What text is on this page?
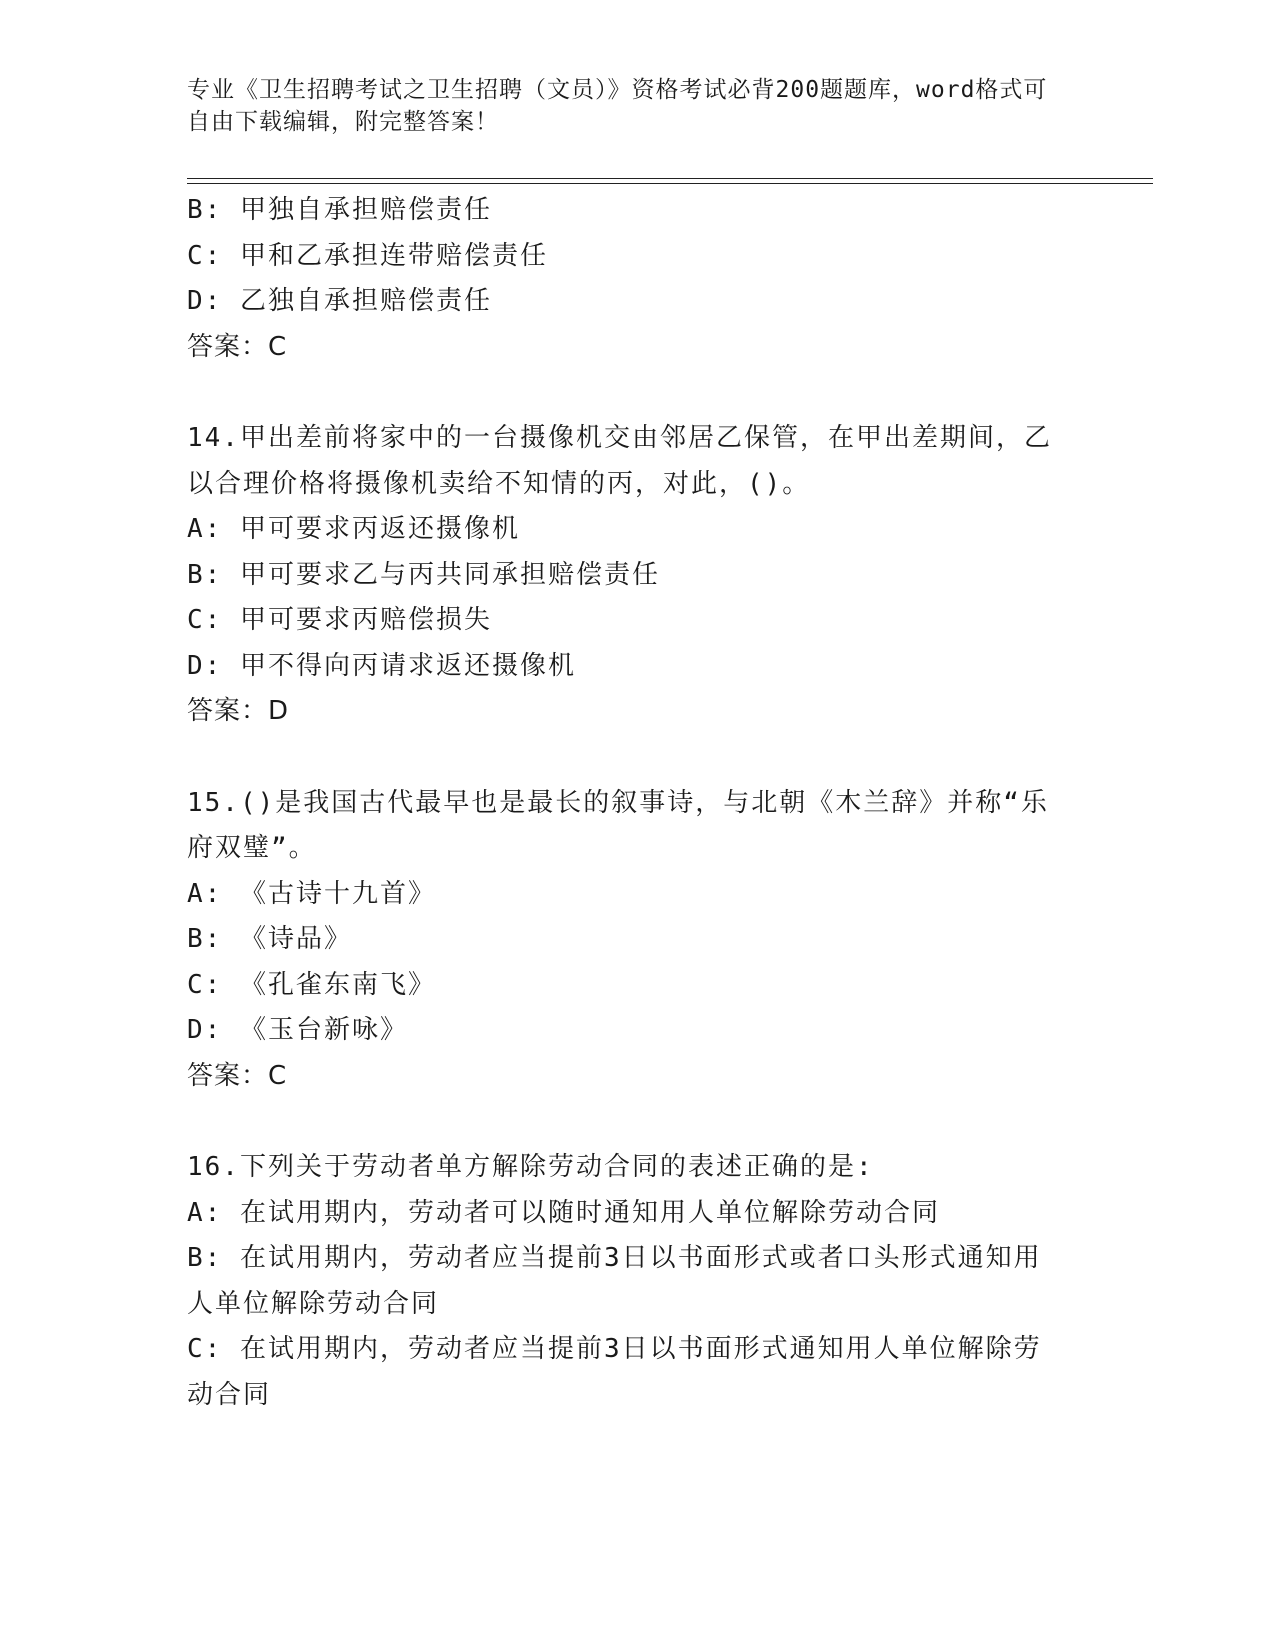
专业《卫生招聘考试之卫生招聘（文员）》资格考试必背200题题库，word格式可自由下载编辑，附完整答案！
B: 甲独自承担赔偿责任
C: 甲和乙承担连带赔偿责任
D: 乙独自承担赔偿责任
答案：C
14.甲出差前将家中的一台摄像机交由邻居乙保管，在甲出差期间，乙以合理价格将摄像机卖给不知情的丙，对此，()。
A: 甲可要求丙返还摄像机
B: 甲可要求乙与丙共同承担赔偿责任
C: 甲可要求丙赔偿损失
D: 甲不得向丙请求返还摄像机
答案：D
15.()是我国古代最早也是最长的叙事诗，与北朝《木兰辞》并称“乐府双璧”。
A: 《古诗十九首》
B: 《诗品》
C: 《孔雀东南飞》
D: 《玉台新咏》
答案：C
16.下列关于劳动者单方解除劳动合同的表述正确的是:
A: 在试用期内，劳动者可以随时通知用人单位解除劳动合同
B: 在试用期内，劳动者应当提前3日以书面形式或者口头形式通知用人单位解除劳动合同
C: 在试用期内，劳动者应当提前3日以书面形式通知用人单位解除劳动合同
